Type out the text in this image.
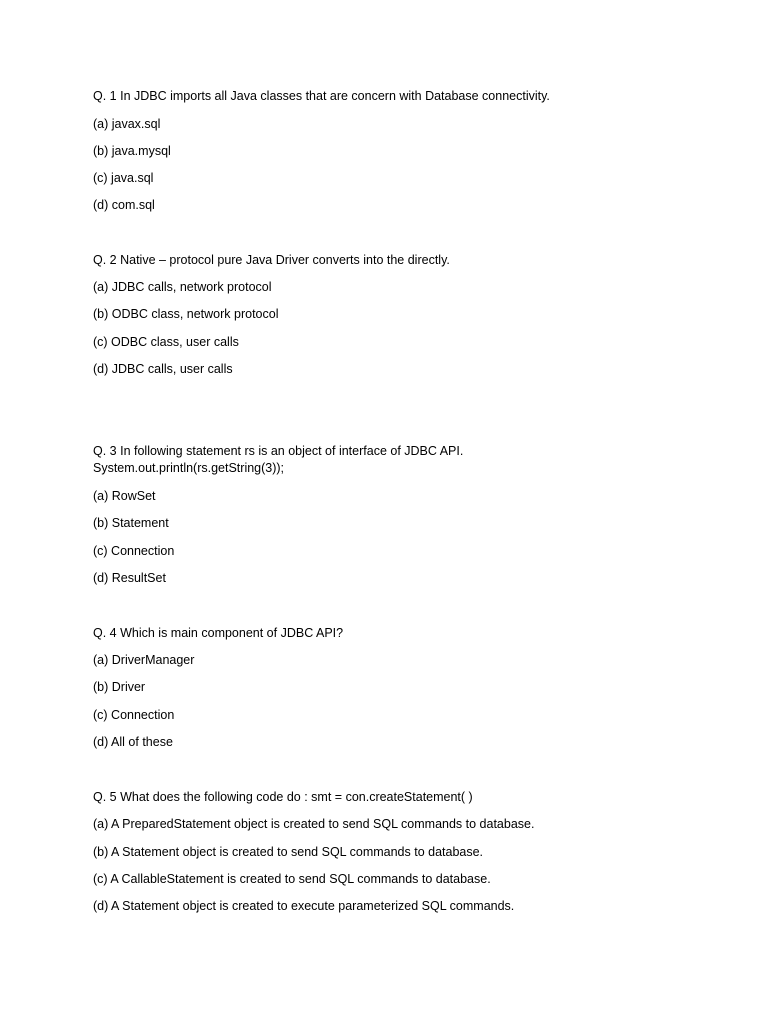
Q. 1 In JDBC imports all Java classes that are concern with Database connectivity.
(a) javax.sql
(b) java.mysql
(c) java.sql
(d) com.sql
Q. 2 Native – protocol pure Java Driver converts into the directly.
(a) JDBC calls, network protocol
(b) ODBC class, network protocol
(c) ODBC class, user calls
(d) JDBC calls, user calls
Q. 3 In following statement rs is an object of interface of JDBC API.
System.out.println(rs.getString(3));
(a) RowSet
(b) Statement
(c) Connection
(d) ResultSet
Q. 4 Which is main component of JDBC API?
(a) DriverManager
(b) Driver
(c) Connection
(d) All of these
Q. 5 What does the following code do : smt = con.createStatement( )
(a) A PreparedStatement object is created to send SQL commands to database.
(b) A Statement object is created to send SQL commands to database.
(c) A CallableStatement is created to send SQL commands to database.
(d) A Statement object is created to execute parameterized SQL commands.
